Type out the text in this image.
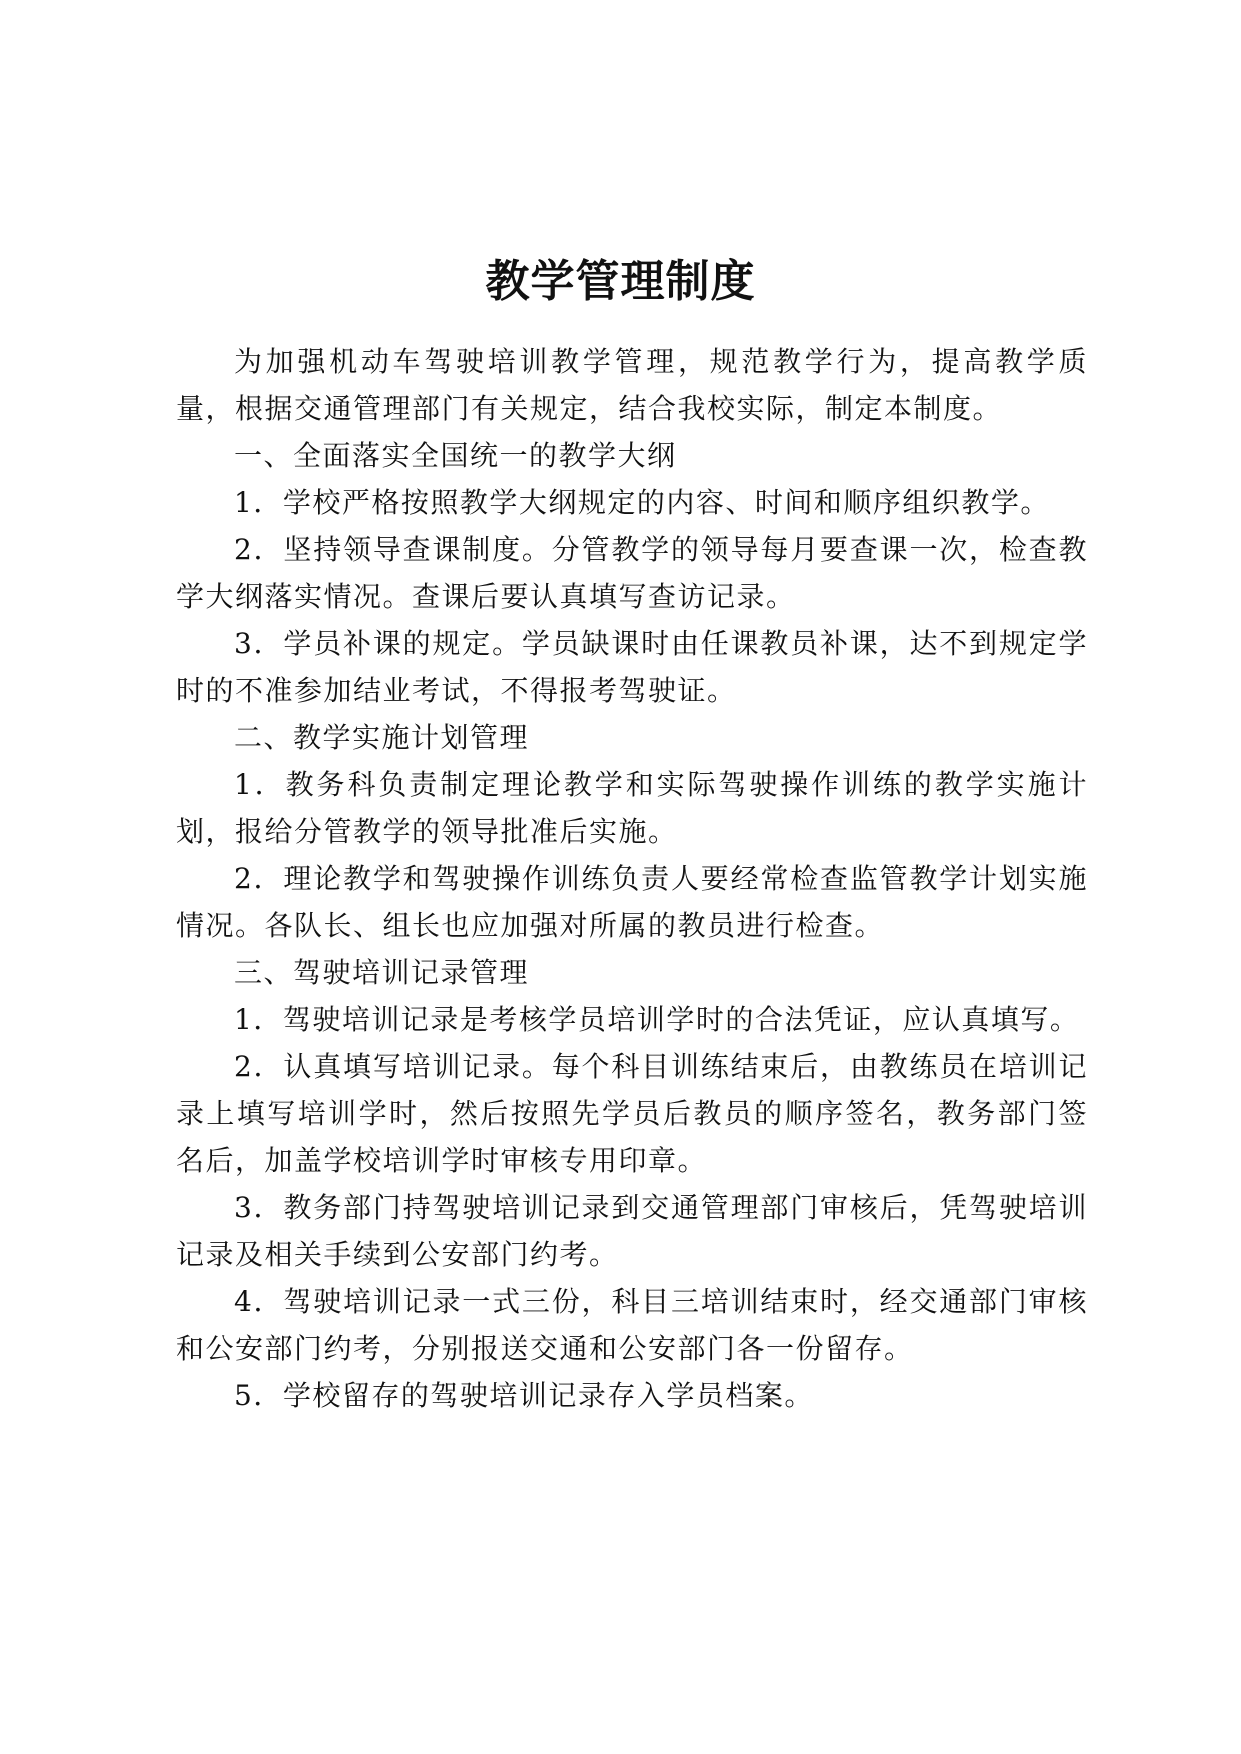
教学管理制度

为加强机动车驾驶培训教学管理，规范教学行为，提高教学质量，根据交通管理部门有关规定，结合我校实际，制定本制度。

一、全面落实全国统一的教学大纲

1．学校严格按照教学大纲规定的内容、时间和顺序组织教学。

2．坚持领导查课制度。分管教学的领导每月要查课一次，检查教学大纲落实情况。查课后要认真填写查访记录。

3．学员补课的规定。学员缺课时由任课教员补课，达不到规定学时的不准参加结业考试，不得报考驾驶证。

二、教学实施计划管理

1．教务科负责制定理论教学和实际驾驶操作训练的教学实施计划，报给分管教学的领导批准后实施。

2．理论教学和驾驶操作训练负责人要经常检查监管教学计划实施情况。各队长、组长也应加强对所属的教员进行检查。

三、驾驶培训记录管理

1．驾驶培训记录是考核学员培训学时的合法凭证，应认真填写。

2．认真填写培训记录。每个科目训练结束后，由教练员在培训记录上填写培训学时，然后按照先学员后教员的顺序签名，教务部门签名后，加盖学校培训学时审核专用印章。

3．教务部门持驾驶培训记录到交通管理部门审核后，凭驾驶培训记录及相关手续到公安部门约考。

4．驾驶培训记录一式三份，科目三培训结束时，经交通部门审核和公安部门约考，分别报送交通和公安部门各一份留存。

5．学校留存的驾驶培训记录存入学员档案。
